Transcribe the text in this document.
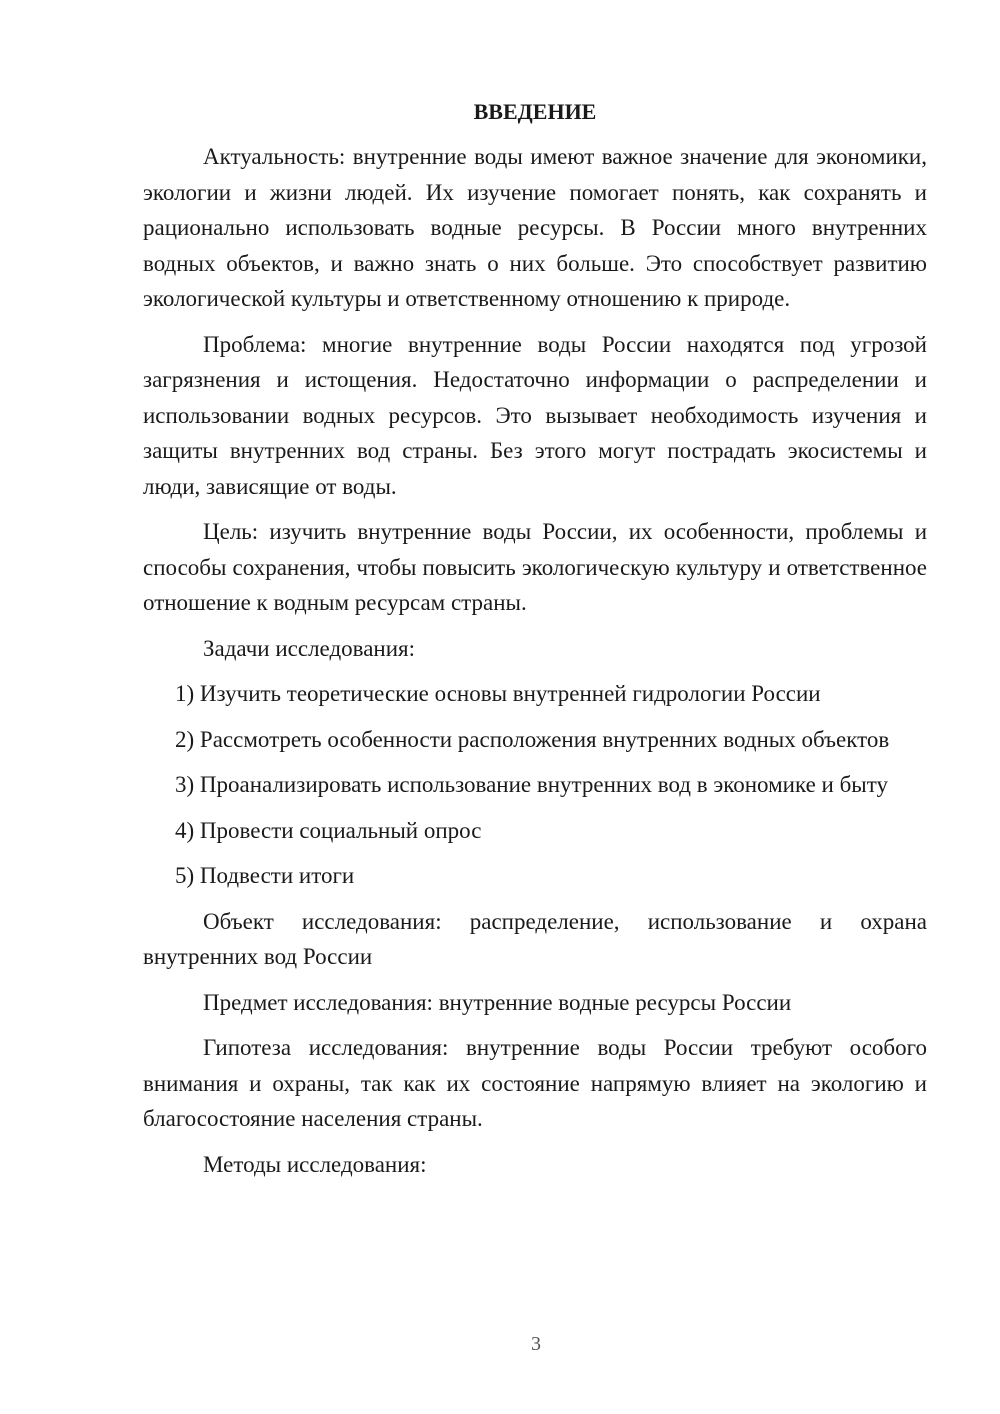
ВВЕДЕНИЕ

Актуальность: внутренние воды имеют важное значение для экономики, экологии и жизни людей. Их изучение помогает понять, как сохранять и рационально использовать водные ресурсы. В России много внутренних водных объектов, и важно знать о них больше. Это способствует развитию экологической культуры и ответственному отношению к природе.

Проблема: многие внутренние воды России находятся под угрозой загрязнения и истощения. Недостаточно информации о распределении и использовании водных ресурсов. Это вызывает необходимость изучения и защиты внутренних вод страны. Без этого могут пострадать экосистемы и люди, зависящие от воды.

Цель: изучить внутренние воды России, их особенности, проблемы и способы сохранения, чтобы повысить экологическую культуру и ответственное отношение к водным ресурсам страны.

Задачи исследования:

1) Изучить теоретические основы внутренней гидрологии России

2) Рассмотреть особенности расположения внутренних водных объектов

3) Проанализировать использование внутренних вод в экономике и быту

4) Провести социальный опрос

5) Подвести итоги

Объект исследования: распределение, использование и охрана внутренних вод России

Предмет исследования: внутренние водные ресурсы России

Гипотеза исследования: внутренние воды России требуют особого внимания и охраны, так как их состояние напрямую влияет на экологию и благосостояние населения страны.

Методы исследования:

3
